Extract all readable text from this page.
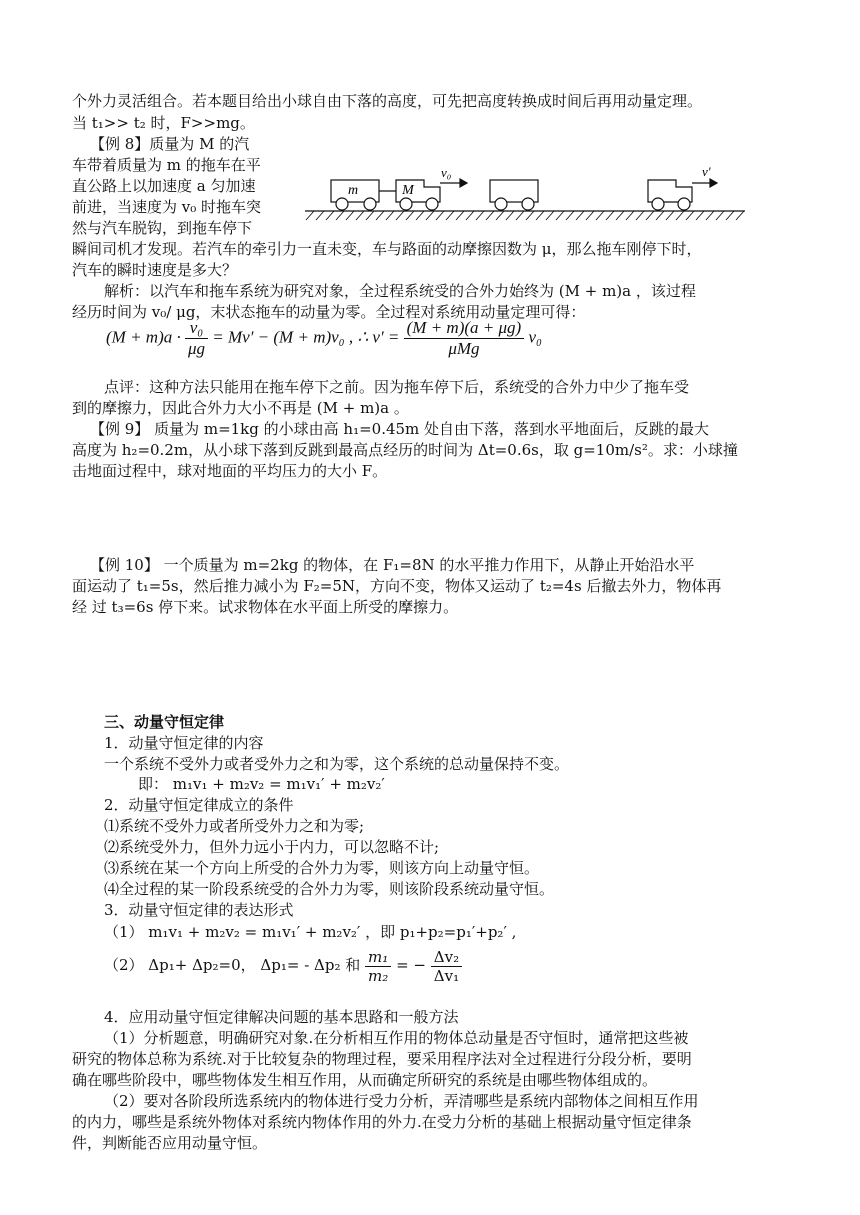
个外力灵活组合。若本题目给出小球自由下落的高度，可先把高度转换成时间后再用动量定理。
当 t₁>> t₂ 时，F>>mg。
【例 8】质量为 M 的汽
车带着质量为 m 的拖车在平
直公路上以加速度 a 匀加速
前进，当速度为 v₀ 时拖车突
然与汽车脱钩，到拖车停下
m	M
v₀	v′
瞬间司机才发现。若汽车的牵引力一直未变，车与路面的动摩擦因数为 μ，那么拖车刚停下时，
汽车的瞬时速度是多大？
解析：以汽车和拖车系统为研究对象，全过程系统受的合外力始终为 (M + m)a ，该过程
经历时间为 v₀/ μg，末状态拖车的动量为零。全过程对系统用动量定理可得：
$(M + m)a \cdot \frac{\text{v₀}}{\mu g} = Mv' - (M + m)v_0$ , ∴ $v' = \frac{(M + m)(a + \mu g)}{\text{μMg}} v_0$
点评：这种方法只能用在拖车停下之前。因为拖车停下后，系统受的合外力中少了拖车受
到的摩擦力，因此合外力大小不再是 (M + m)a 。
【例 9】 质量为 m=1kg 的小球由高 h₁=0.45m 处自由下落，落到水平地面后，反跳的最大
高度为 h₂=0.2m，从小球下落到反跳到最高点经历的时间为 Δt=0.6s，取 g=10m/s²。求：小球撞
击地面过程中，球对地面的平均压力的大小 F。
【例 10】 一个质量为 m=2kg 的物体，在 F₁=8N 的水平推力作用下，从静止开始沿水平
面运动了 t₁=5s，然后推力减小为 F₂=5N，方向不变，物体又运动了 t₂=4s 后撤去外力，物体再
经 过 t₃=6s 停下来。试求物体在水平面上所受的摩擦力。
三、动量守恒定律
1．动量守恒定律的内容
一个系统不受外力或者受外力之和为零，这个系统的总动量保持不变。
即： m₁v₁ + m₂v₂ = m₁v₁′ + m₂v₂′
2．动量守恒定律成立的条件
⑴系统不受外力或者所受外力之和为零;
⑵系统受外力，但外力远小于内力，可以忽略不计;
⑶系统在某一个方向上所受的合外力为零，则该方向上动量守恒。
⑷全过程的某一阶段系统受的合外力为零，则该阶段系统动量守恒。
3．动量守恒定律的表达形式
（1） m₁v₁ + m₂v₂ = m₁v₁′ + m₂v₂′ ，即 p₁+p₂=p₁′+p₂′ ,
（2） Δp₁+ Δp₂=0， Δp₁= - Δp₂ 和 $\frac{\text{m₁}}{\text{m₂}}$ = − $\frac{\text{Δv₂}}{\text{Δv₁}}$
4．应用动量守恒定律解决问题的基本思路和一般方法
（1）分析题意，明确研究对象.在分析相互作用的物体总动量是否守恒时，通常把这些被
研究的物体总称为系统.对于比较复杂的物理过程，要采用程序法对全过程进行分段分析，要明
确在哪些阶段中，哪些物体发生相互作用，从而确定所研究的系统是由哪些物体组成的。
（2）要对各阶段所选系统内的物体进行受力分析，弄清哪些是系统内部物体之间相互作用
的内力，哪些是系统外物体对系统内物体作用的外力.在受力分析的基础上根据动量守恒定律条
件，判断能否应用动量守恒。
